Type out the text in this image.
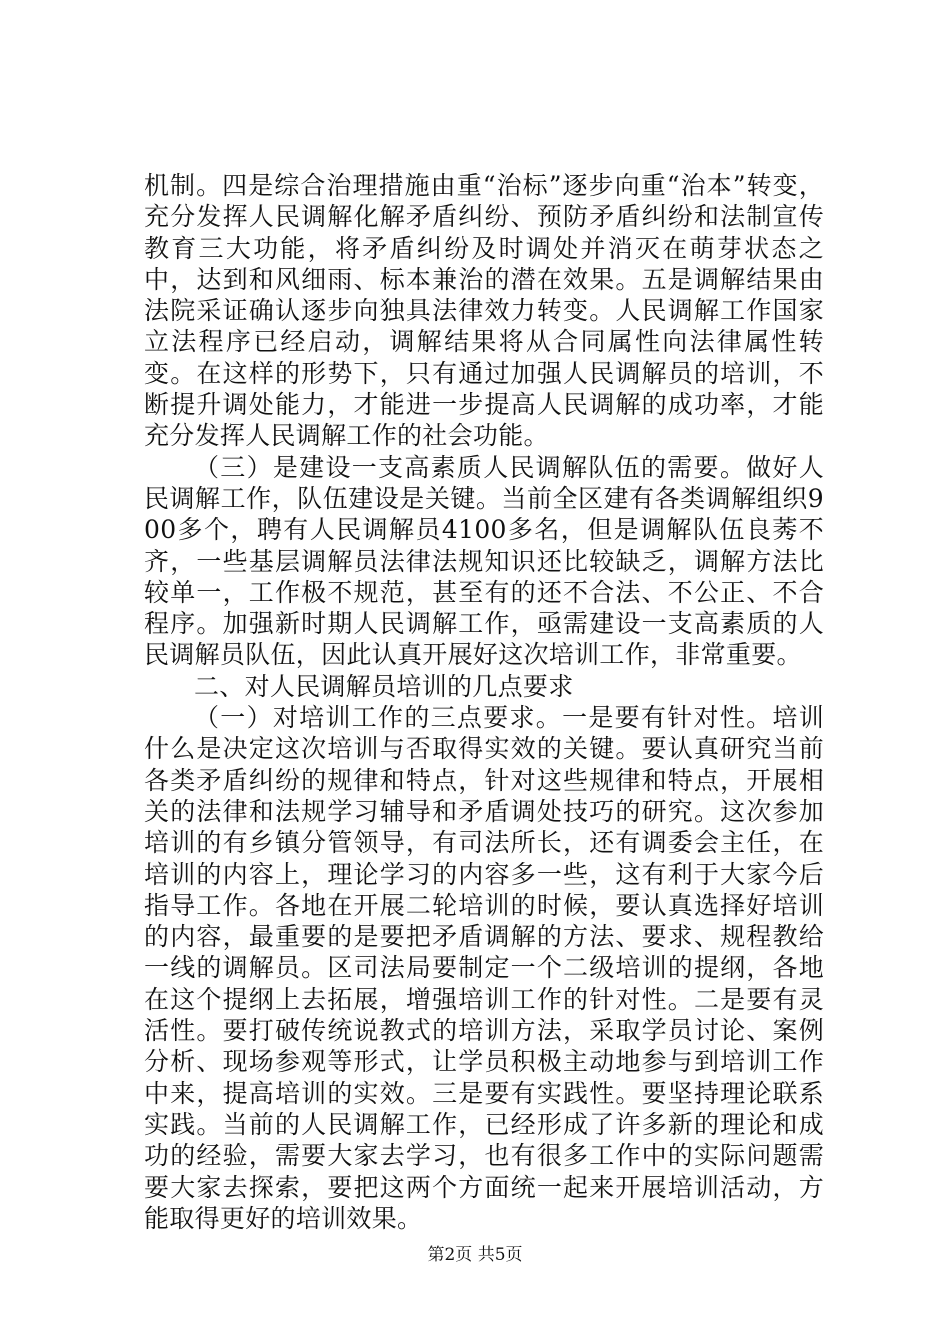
机制。四是综合治理措施由重“治标”逐步向重“治本”转变，充分发挥人民调解化解矛盾纠纷、预防矛盾纠纷和法制宣传教育三大功能，将矛盾纠纷及时调处并消灭在萌芽状态之中，达到和风细雨、标本兼治的潜在效果。五是调解结果由法院采证确认逐步向独具法律效力转变。人民调解工作国家立法程序已经启动，调解结果将从合同属性向法律属性转变。在这样的形势下，只有通过加强人民调解员的培训，不断提升调处能力，才能进一步提高人民调解的成功率，才能充分发挥人民调解工作的社会功能。

（三）是建设一支高素质人民调解队伍的需要。做好人民调解工作，队伍建设是关键。当前全区建有各类调解组织900多个，聘有人民调解员4100多名，但是调解队伍良莠不齐，一些基层调解员法律法规知识还比较缺乏，调解方法比较单一，工作极不规范，甚至有的还不合法、不公正、不合程序。加强新时期人民调解工作，亟需建设一支高素质的人民调解员队伍，因此认真开展好这次培训工作，非常重要。

二、对人民调解员培训的几点要求

（一）对培训工作的三点要求。一是要有针对性。培训什么是决定这次培训与否取得实效的关键。要认真研究当前各类矛盾纠纷的规律和特点，针对这些规律和特点，开展相关的法律和法规学习辅导和矛盾调处技巧的研究。这次参加培训的有乡镇分管领导，有司法所长，还有调委会主任，在培训的内容上，理论学习的内容多一些，这有利于大家今后指导工作。各地在开展二轮培训的时候，要认真选择好培训的内容，最重要的是要把矛盾调解的方法、要求、规程教给一线的调解员。区司法局要制定一个二级培训的提纲，各地在这个提纲上去拓展，增强培训工作的针对性。二是要有灵活性。要打破传统说教式的培训方法，采取学员讨论、案例分析、现场参观等形式，让学员积极主动地参与到培训工作中来，提高培训的实效。三是要有实践性。要坚持理论联系实践。当前的人民调解工作，已经形成了许多新的理论和成功的经验，需要大家去学习，也有很多工作中的实际问题需要大家去探索，要把这两个方面统一起来开展培训活动，方能取得更好的培训效果。

第2页 共5页
